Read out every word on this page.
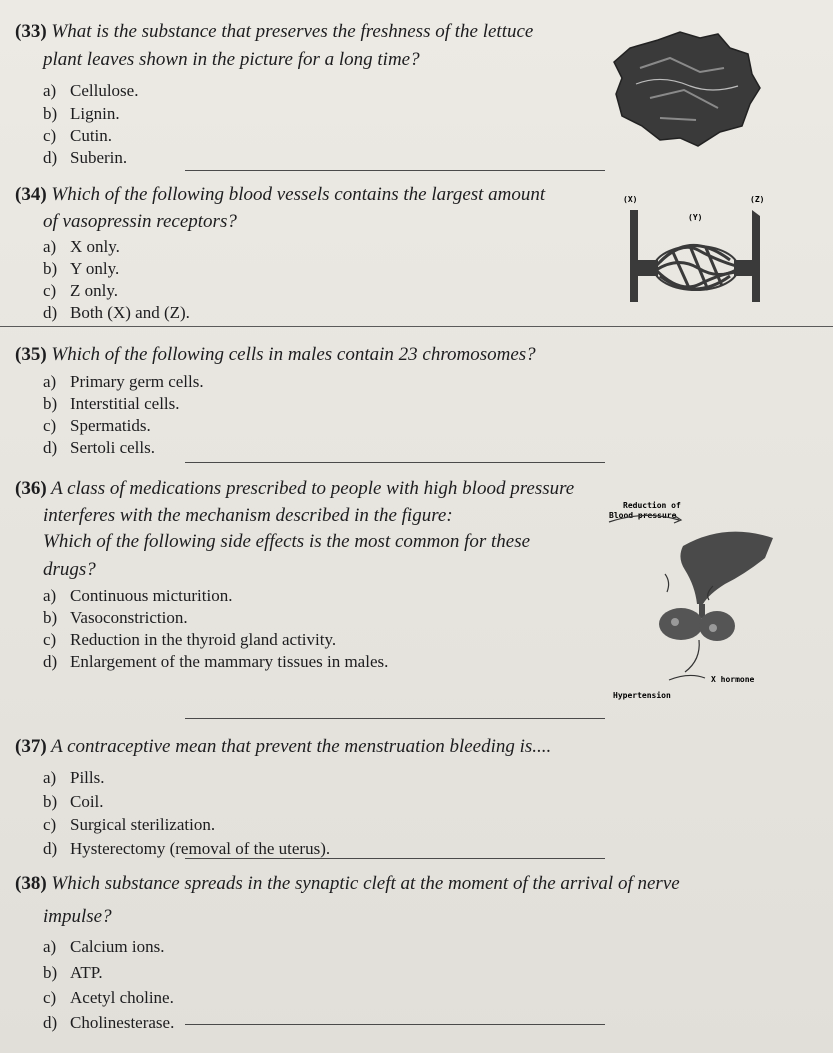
(33) What is the substance that preserves the freshness of the lettuce
plant leaves shown in the picture for a long time?
a) Cellulose.
b) Lignin.
c) Cutin.
d) Suberin.
(34) Which of the following blood vessels contains the largest amount
of vasopressin receptors?
a) X only.
b) Y only.
c) Z only.
d) Both (X) and (Z).
(X)
(Y)
(Z)
(35) Which of the following cells in males contain 23 chromosomes?
a) Primary germ cells.
b) Interstitial cells.
c) Spermatids.
d) Sertoli cells.
(36) A class of medications prescribed to people with high blood pressure
interferes with the mechanism described in the figure:
Which of the following side effects is the most common for these
drugs?
a) Continuous micturition.
b) Vasoconstriction.
c) Reduction in the thyroid gland activity.
d) Enlargement of the mammary tissues in males.
Reduction of
Blood pressure
X hormone
Hypertension
(37) A contraceptive mean that prevent the menstruation bleeding is....
a) Pills.
b) Coil.
c) Surgical sterilization.
d) Hysterectomy (removal of the uterus).
(38) Which substance spreads in the synaptic cleft at the moment of the arrival of nerve
impulse?
a) Calcium ions.
b) ATP.
c) Acetyl choline.
d) Cholinesterase.
